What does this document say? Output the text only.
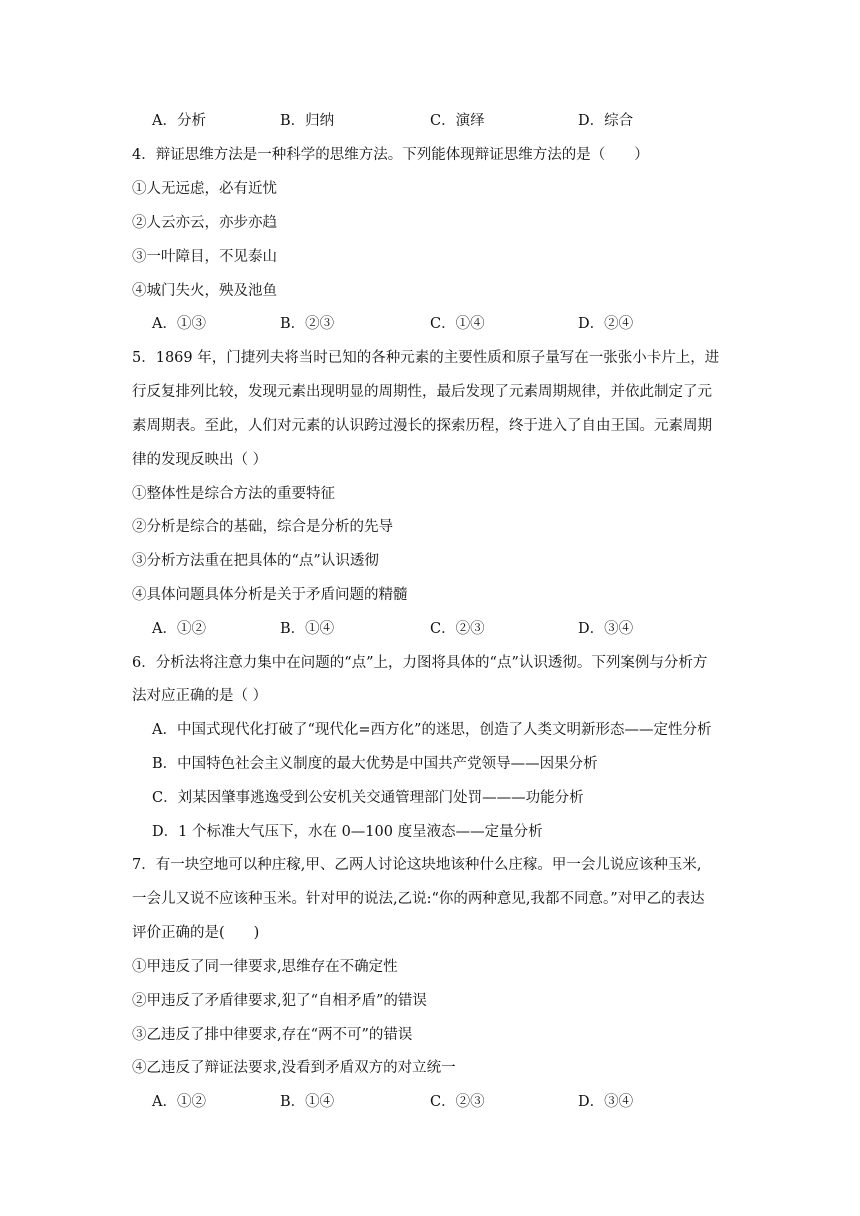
A．分析	B．归纳	C．演绎	D．综合
4．辩证思维方法是一种科学的思维方法。下列能体现辩证思维方法的是（　　）
①人无远虑，必有近忧
②人云亦云，亦步亦趋
③一叶障目，不见泰山
④城门失火，殃及池鱼
A．①③	B．②③	C．①④	D．②④
5．1869 年，门捷列夫将当时已知的各种元素的主要性质和原子量写在一张张小卡片上，进
行反复排列比较，发现元素出现明显的周期性，最后发现了元素周期规律，并依此制定了元
素周期表。至此，人们对元素的认识跨过漫长的探索历程，终于进入了自由王国。元素周期
律的发现反映出（ ）
①整体性是综合方法的重要特征
②分析是综合的基础，综合是分析的先导
③分析方法重在把具体的“点”认识透彻
④具体问题具体分析是关于矛盾问题的精髓
A．①②	B．①④	C．②③	D．③④
6．分析法将注意力集中在问题的“点”上，力图将具体的“点”认识透彻。下列案例与分析方
法对应正确的是（ ）
A．中国式现代化打破了“现代化=西方化”的迷思，创造了人类文明新形态——定性分析
B．中国特色社会主义制度的最大优势是中国共产党领导——因果分析
C．刘某因肇事逃逸受到公安机关交通管理部门处罚———功能分析
D．1 个标准大气压下，水在 0—100 度呈液态——定量分析
7．有一块空地可以种庄稼,甲、乙两人讨论这块地该种什么庄稼。甲一会儿说应该种玉米,
一会儿又说不应该种玉米。针对甲的说法,乙说:“你的两种意见,我都不同意。”对甲乙的表达
评价正确的是(　　)
①甲违反了同一律要求,思维存在不确定性
②甲违反了矛盾律要求,犯了“自相矛盾”的错误
③乙违反了排中律要求,存在“两不可”的错误
④乙违反了辩证法要求,没看到矛盾双方的对立统一
A．①②	B．①④	C．②③	D．③④
